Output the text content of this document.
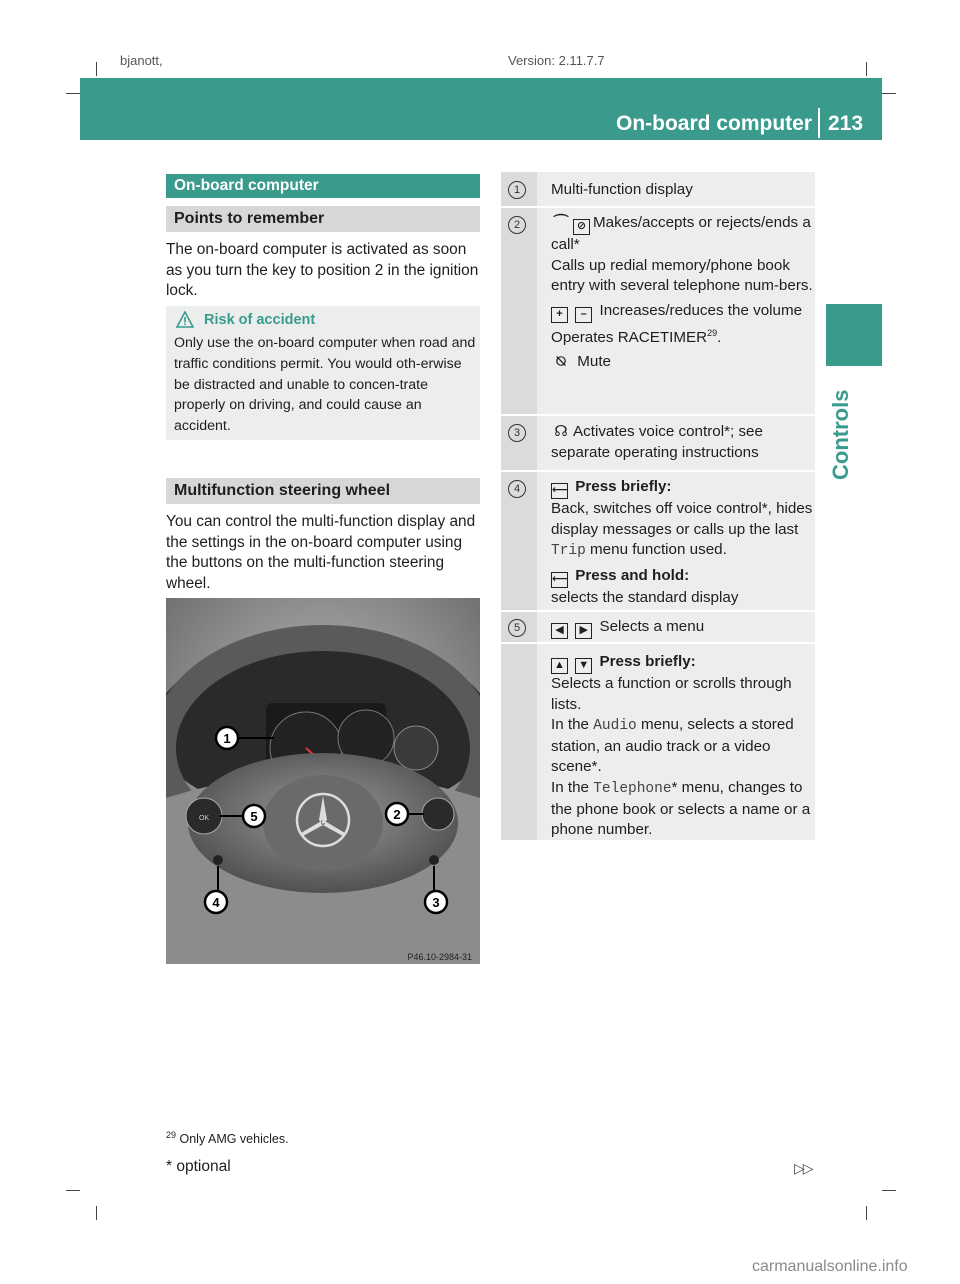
bjanott,	Version: 2.11.7.7
On-board computer 213
Controls
On-board computer
Points to remember
The on-board computer is activated as soon as you turn the key to position 2 in the ignition lock.
Risk of accident
Only use the on-board computer when road and traffic conditions permit. You would oth-erwise be distracted and unable to concen-trate properly on driving, and could cause an accident.
Multifunction steering wheel
You can control the multi-function display and the settings in the on-board computer using the buttons on the multi-function steering wheel.
OK
1
2
3
4
5
P46.10-2984-31
1	Multi-function display
2	⌒ ⊘ Makes/accepts or rejects/ends a call*

Calls up redial memory/phone book entry with several telephone num-bers.

+ – Increases/reduces the volume

Operates RACETIMER$^{29}$.

⍉ Mute

3	☊ Activates voice control*; see separate operating instructions
4	⟵ Press briefly:

Back, switches off voice control*, hides display messages or calls up the last Trip menu function used.

⟵ Press and hold:

selects the standard display

5	◀ ▶ Selects a menu

▲ ▼ Press briefly:

Selects a function or scrolls through lists.

In the Audio menu, selects a stored station, an audio track or a video scene*.

In the Telephone* menu, changes to the phone book or selects a name or a phone number.

$^{29}$ Only AMG vehicles.
* optional	▷▷
carmanualsonline.info
